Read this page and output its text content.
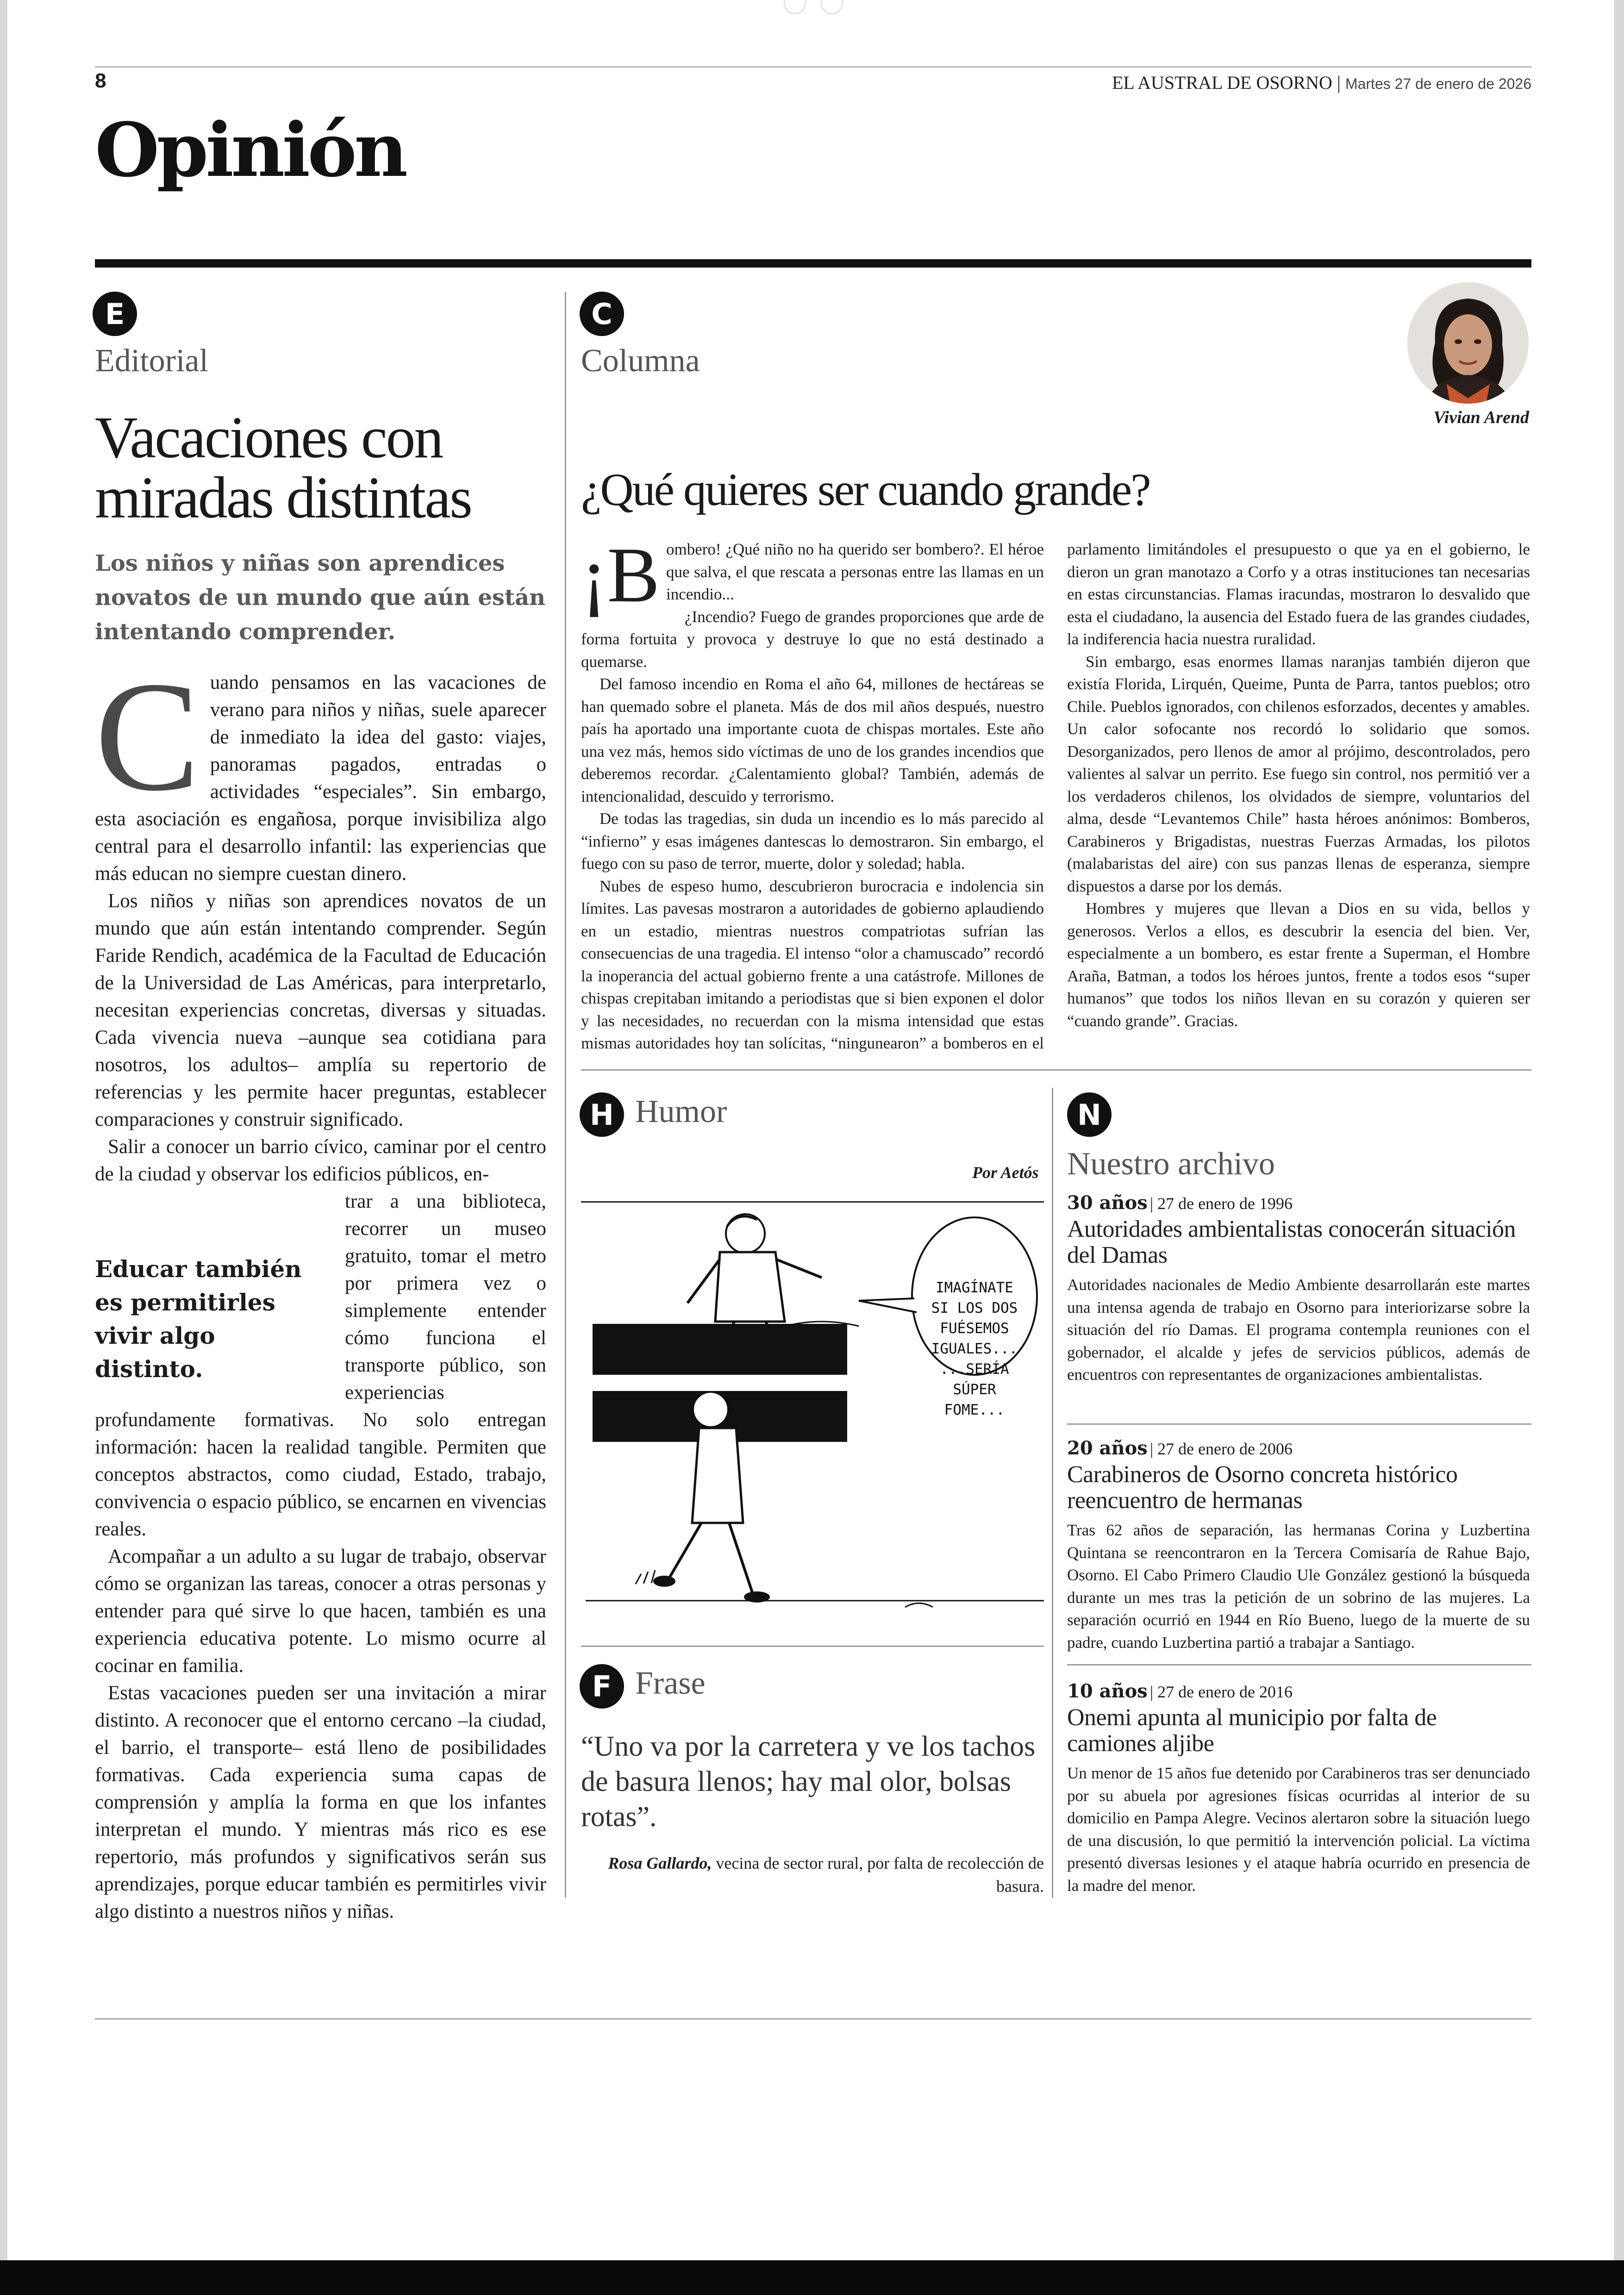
8	EL AUSTRAL DE OSORNO | Martes 27 de enero de 2026
Opinión
E
Editorial
Vacaciones con miradas distintas
Los niños y niñas son aprendices novatos de un mundo que aún están intentando comprender.

Cuando pensamos en las vacaciones de verano para niños y niñas, suele aparecer de inmediato la idea del gasto: viajes, panoramas pagados, entradas o actividades “especiales”. Sin embargo, esta asociación es engañosa, porque invisibiliza algo central para el desarrollo infantil: las experiencias que más educan no siempre cuestan dinero.

Los niños y niñas son aprendices novatos de un mundo que aún están intentando comprender. Según Faride Rendich, académica de la Facultad de Educación de la Universidad de Las Américas, para interpretarlo, necesitan experiencias concretas, diversas y situadas. Cada vivencia nueva –aunque sea cotidiana para nosotros, los adultos– amplía su repertorio de referencias y les permite hacer preguntas, establecer comparaciones y construir significado.

Salir a conocer un barrio cívico, caminar por el centro de la ciudad y observar los edificios públicos, en-

Educar también es permitirles vivir algo distinto.

trar a una biblioteca, recorrer un museo gratuito, tomar el metro por primera vez o simplemente entender cómo funciona el transporte público, son experiencias profundamente formativas. No solo entregan información: hacen la realidad tangible. Permiten que conceptos abstractos, como ciudad, Estado, trabajo, convivencia o espacio público, se encarnen en vivencias reales.

Acompañar a un adulto a su lugar de trabajo, observar cómo se organizan las tareas, conocer a otras personas y entender para qué sirve lo que hacen, también es una experiencia educativa potente. Lo mismo ocurre al cocinar en familia.

Estas vacaciones pueden ser una invitación a mirar distinto. A reconocer que el entorno cercano –la ciudad, el barrio, el transporte– está lleno de posibilidades formativas. Cada experiencia suma capas de comprensión y amplía la forma en que los infantes interpretan el mundo. Y mientras más rico es ese repertorio, más profundos y significativos serán sus aprendizajes, porque educar también es permitirles vivir algo distinto a nuestros niños y niñas.

C
Columna
Vivian Arend
¿Qué quieres ser cuando grande?

¡B ombero! ¿Qué niño no ha querido ser bombero?. El héroe que salva, el que rescata a personas entre las llamas en un incendio...

¿Incendio? Fuego de grandes proporciones que arde de forma fortuita y provoca y destruye lo que no está destinado a quemarse.

Del famoso incendio en Roma el año 64, millones de hectáreas se han quemado sobre el planeta. Más de dos mil años después, nuestro país ha aportado una importante cuota de chispas mortales. Este año una vez más, hemos sido víctimas de uno de los grandes incendios que deberemos recordar. ¿Calentamiento global? También, además de intencionalidad, descuido y terrorismo.

De todas las tragedias, sin duda un incendio es lo más parecido al “infierno” y esas imágenes dantescas lo demostraron. Sin embargo, el fuego con su paso de terror, muerte, dolor y soledad; habla.

Nubes de espeso humo, descubrieron burocracia e indolencia sin límites. Las pavesas mostraron a autoridades de gobierno aplaudiendo en un estadio, mientras nuestros compatriotas sufrían las consecuencias de una tragedia. El intenso “olor a chamuscado” recordó la inoperancia del actual gobierno frente a una catástrofe. Millones de chispas crepitaban imitando a periodistas que si bien exponen el dolor y las necesidades, no recuerdan con la misma intensidad que estas mismas autoridades hoy tan solícitas, “ningunearon” a bomberos en el

parlamento limitándoles el presupuesto o que ya en el gobierno, le dieron un gran manotazo a Corfo y a otras instituciones tan necesarias en estas circunstancias. Flamas iracundas, mostraron lo desvalido que esta el ciudadano, la ausencia del Estado fuera de las grandes ciudades, la indiferencia hacia nuestra ruralidad.

Sin embargo, esas enormes llamas naranjas también dijeron que existía Florida, Lirquén, Queime, Punta de Parra, tantos pueblos; otro Chile. Pueblos ignorados, con chilenos esforzados, decentes y amables. Un calor sofocante nos recordó lo solidario que somos. Desorganizados, pero llenos de amor al prójimo, descontrolados, pero valientes al salvar un perrito. Ese fuego sin control, nos permitió ver a los verdaderos chilenos, los olvidados de siempre, voluntarios del alma, desde “Levantemos Chile” hasta héroes anónimos: Bomberos, Carabineros y Brigadistas, nuestras Fuerzas Armadas, los pilotos (malabaristas del aire) con sus panzas llenas de esperanza, siempre dispuestos a darse por los demás.

Hombres y mujeres que llevan a Dios en su vida, bellos y generosos. Verlos a ellos, es descubrir la esencia del bien. Ver, especialmente a un bombero, es estar frente a Superman, el Hombre Araña, Batman, a todos los héroes juntos, frente a todos esos “super humanos” que todos los niños llevan en su corazón y quieren ser “cuando grande”. Gracias.

H Humor
Por Aetós
IMAGÍNATE
SI LOS DOS
FUÉSEMOS
IGUALES...
...SERÍA SÚPER
FOME...
F Frase
“Uno va por la carretera y ve los tachos de basura llenos; hay mal olor, bolsas rotas”.
Rosa Gallardo, vecina de sector rural, por falta de recolección de basura.
N
Nuestro archivo
30 años | 27 de enero de 1996
Autoridades ambientalistas conocerán situación del Damas
Autoridades nacionales de Medio Ambiente desarrollarán este martes una intensa agenda de trabajo en Osorno para interiorizarse sobre la situación del río Damas. El programa contempla reuniones con el gobernador, el alcalde y jefes de servicios públicos, además de encuentros con representantes de organizaciones ambientalistas.
20 años | 27 de enero de 2006
Carabineros de Osorno concreta histórico reencuentro de hermanas
Tras 62 años de separación, las hermanas Corina y Luzbertina Quintana se reencontraron en la Tercera Comisaría de Rahue Bajo, Osorno. El Cabo Primero Claudio Ule González gestionó la búsqueda durante un mes tras la petición de un sobrino de las mujeres. La separación ocurrió en 1944 en Río Bueno, luego de la muerte de su padre, cuando Luzbertina partió a trabajar a Santiago.
10 años | 27 de enero de 2016
Onemi apunta al municipio por falta de camiones aljibe
Un menor de 15 años fue detenido por Carabineros tras ser denunciado por su abuela por agresiones físicas ocurridas al interior de su domicilio en Pampa Alegre. Vecinos alertaron sobre la situación luego de una discusión, lo que permitió la intervención policial. La víctima presentó diversas lesiones y el ataque habría ocurrido en presencia de la madre del menor.
